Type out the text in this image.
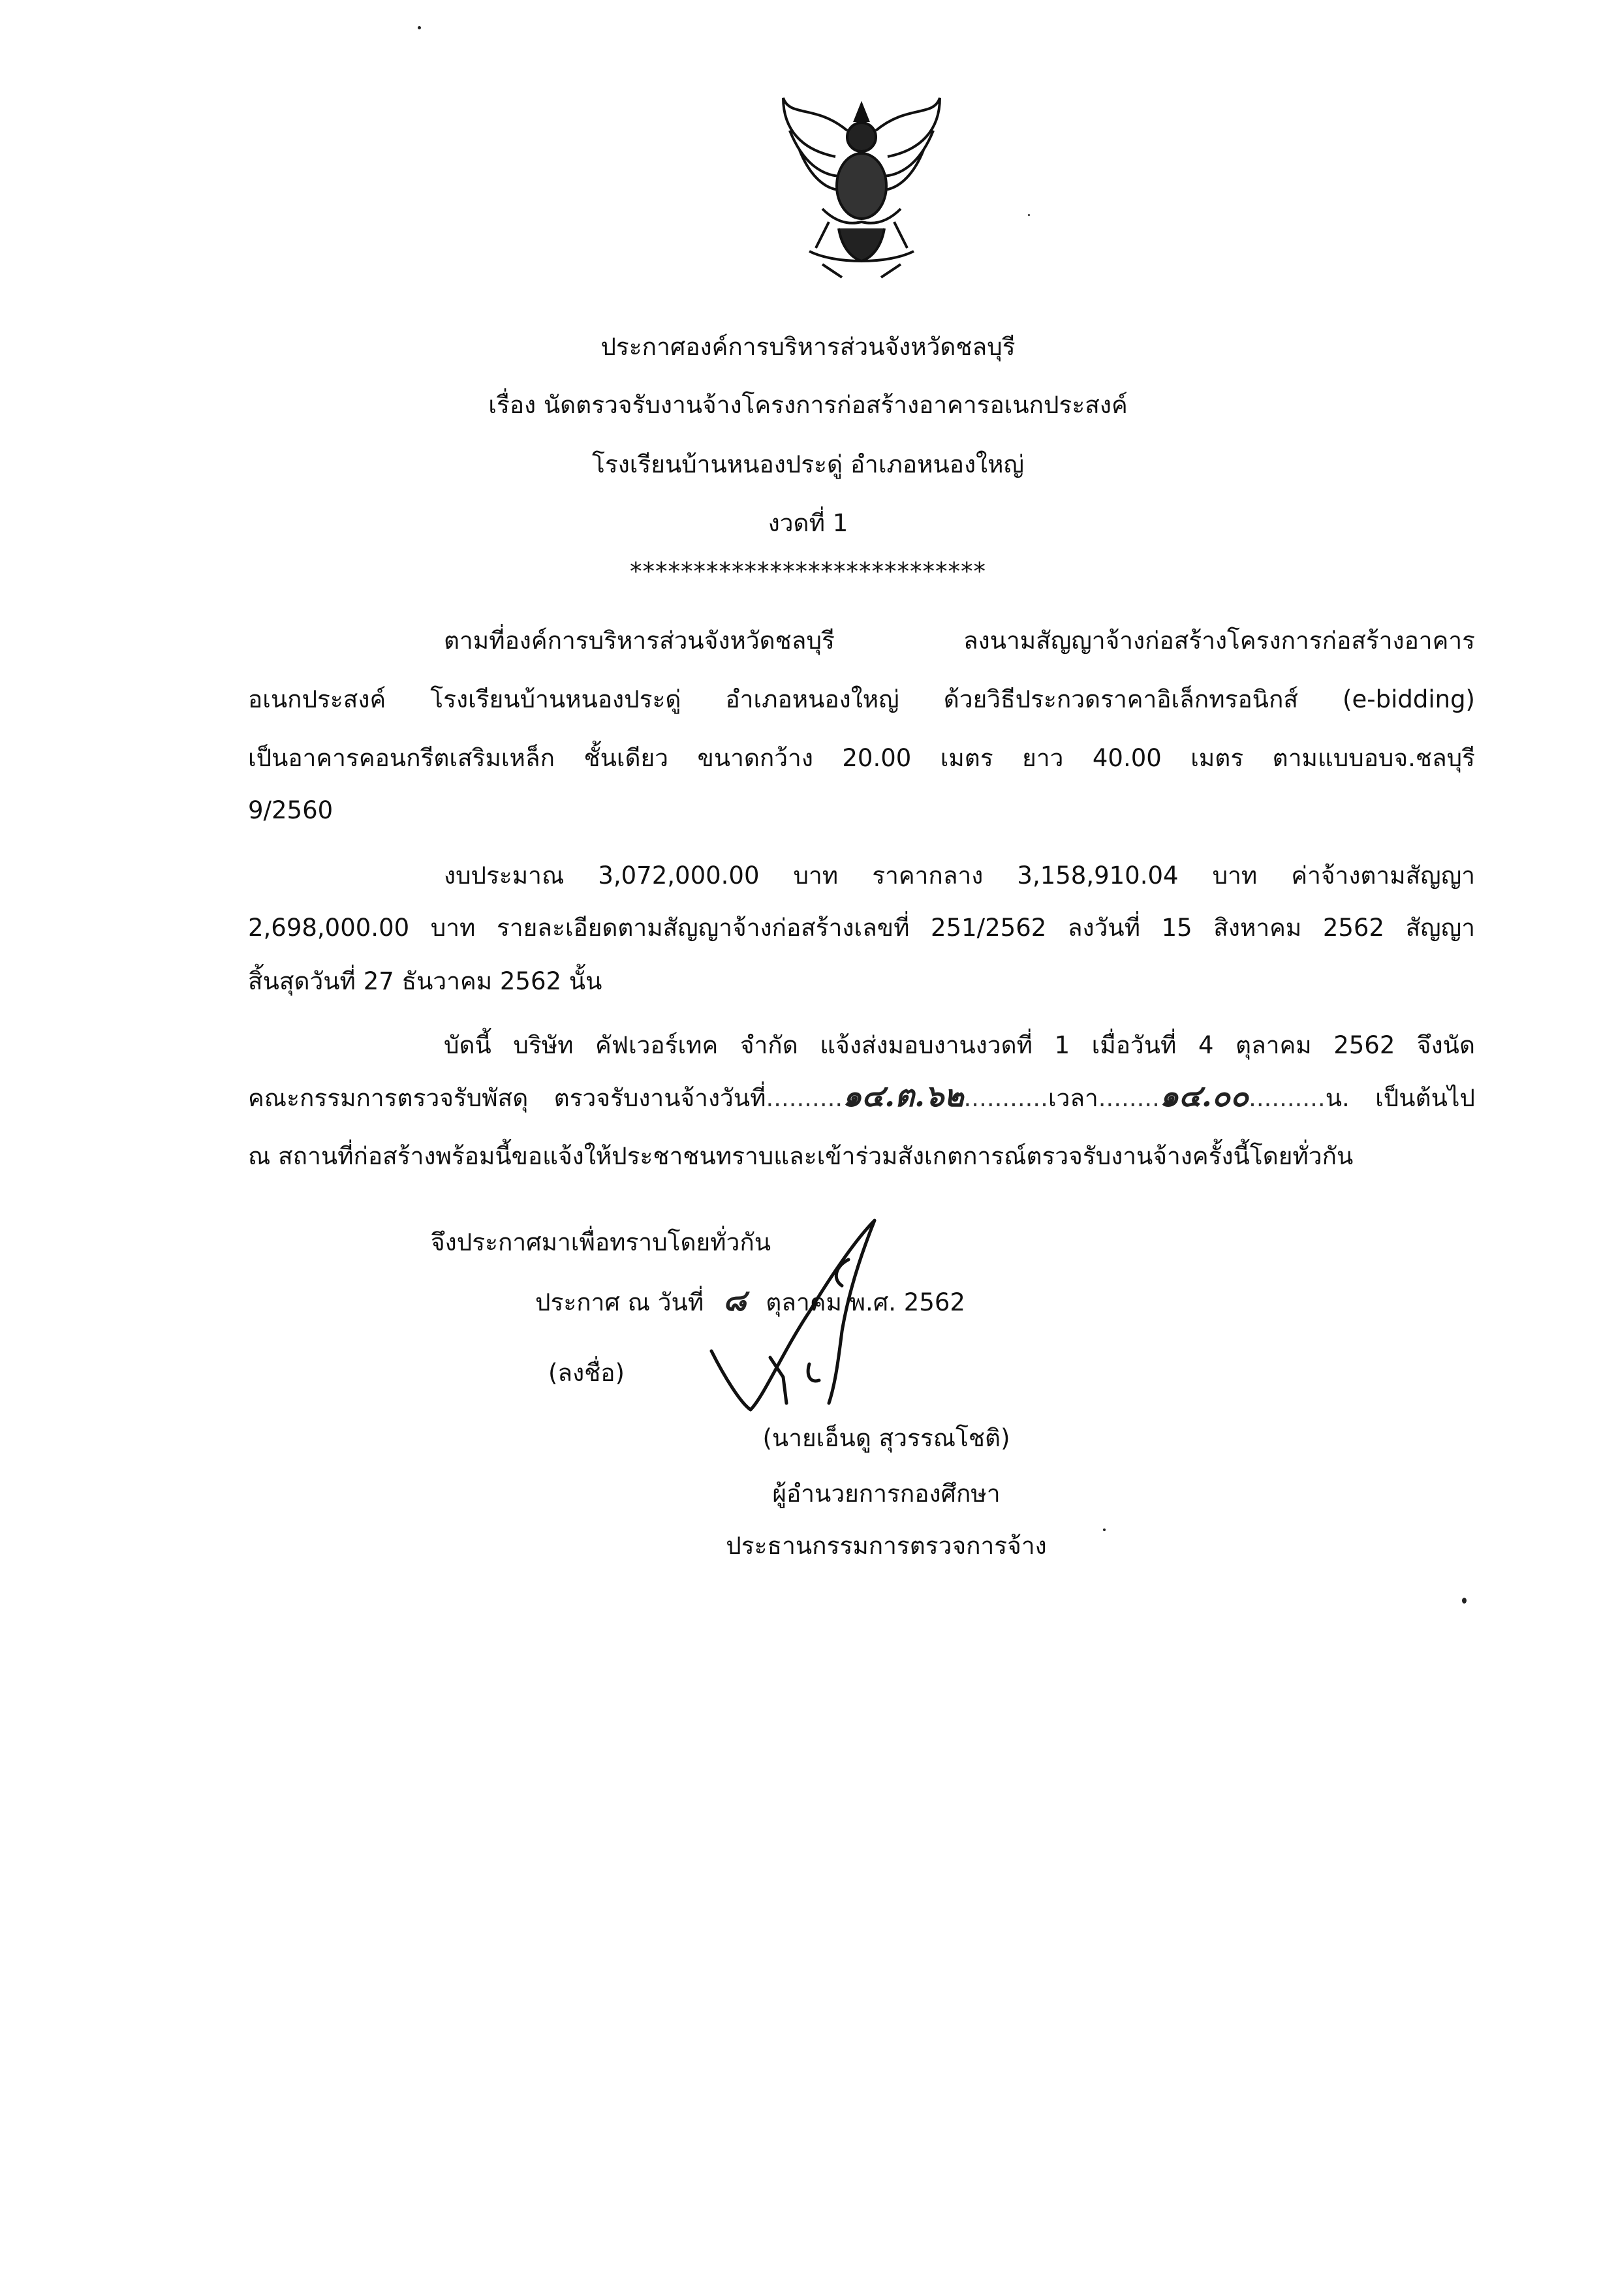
ประกาศองค์การบริหารส่วนจังหวัดชลบุรี
เรื่อง นัดตรวจรับงานจ้างโครงการก่อสร้างอาคารอเนกประสงค์
โรงเรียนบ้านหนองประดู่ อำเภอหนองใหญ่
งวดที่ 1
****************************
ตามที่องค์การบริหารส่วนจังหวัดชลบุรี ลงนามสัญญาจ้างก่อสร้างโครงการก่อสร้างอาคาร
อเนกประสงค์ โรงเรียนบ้านหนองประดู่ อำเภอหนองใหญ่ ด้วยวิธีประกวดราคาอิเล็กทรอนิกส์ (e-bidding)
เป็นอาคารคอนกรีตเสริมเหล็ก ชั้นเดียว ขนาดกว้าง 20.00 เมตร ยาว 40.00 เมตร ตามแบบอบจ.ชลบุรี
9/2560
งบประมาณ 3,072,000.00 บาท ราคากลาง 3,158,910.04 บาท ค่าจ้างตามสัญญา
2,698,000.00 บาท รายละเอียดตามสัญญาจ้างก่อสร้างเลขที่ 251/2562 ลงวันที่ 15 สิงหาคม 2562 สัญญา
สิ้นสุดวันที่ 27 ธันวาคม 2562 นั้น
บัดนี้ บริษัท คัฟเวอร์เทค จำกัด แจ้งส่งมอบงานงวดที่ 1 เมื่อวันที่ 4 ตุลาคม 2562 จึงนัด
คณะกรรมการตรวจรับพัสดุ ตรวจรับงานจ้างวันที่..........๑๔.ต.๖๒...........เวลา........๑๔.๐๐..........น. เป็นต้นไป
ณ สถานที่ก่อสร้างพร้อมนี้ขอแจ้งให้ประชาชนทราบและเข้าร่วมสังเกตการณ์ตรวจรับงานจ้างครั้งนี้โดยทั่วกัน
จึงประกาศมาเพื่อทราบโดยทั่วกัน
ประกาศ ณ วันที่ ๘ ตุลาคม พ.ศ. 2562
(ลงชื่อ)
(นายเอ็นดู สุวรรณโชติ)
ผู้อำนวยการกองศึกษา
ประธานกรรมการตรวจการจ้าง
